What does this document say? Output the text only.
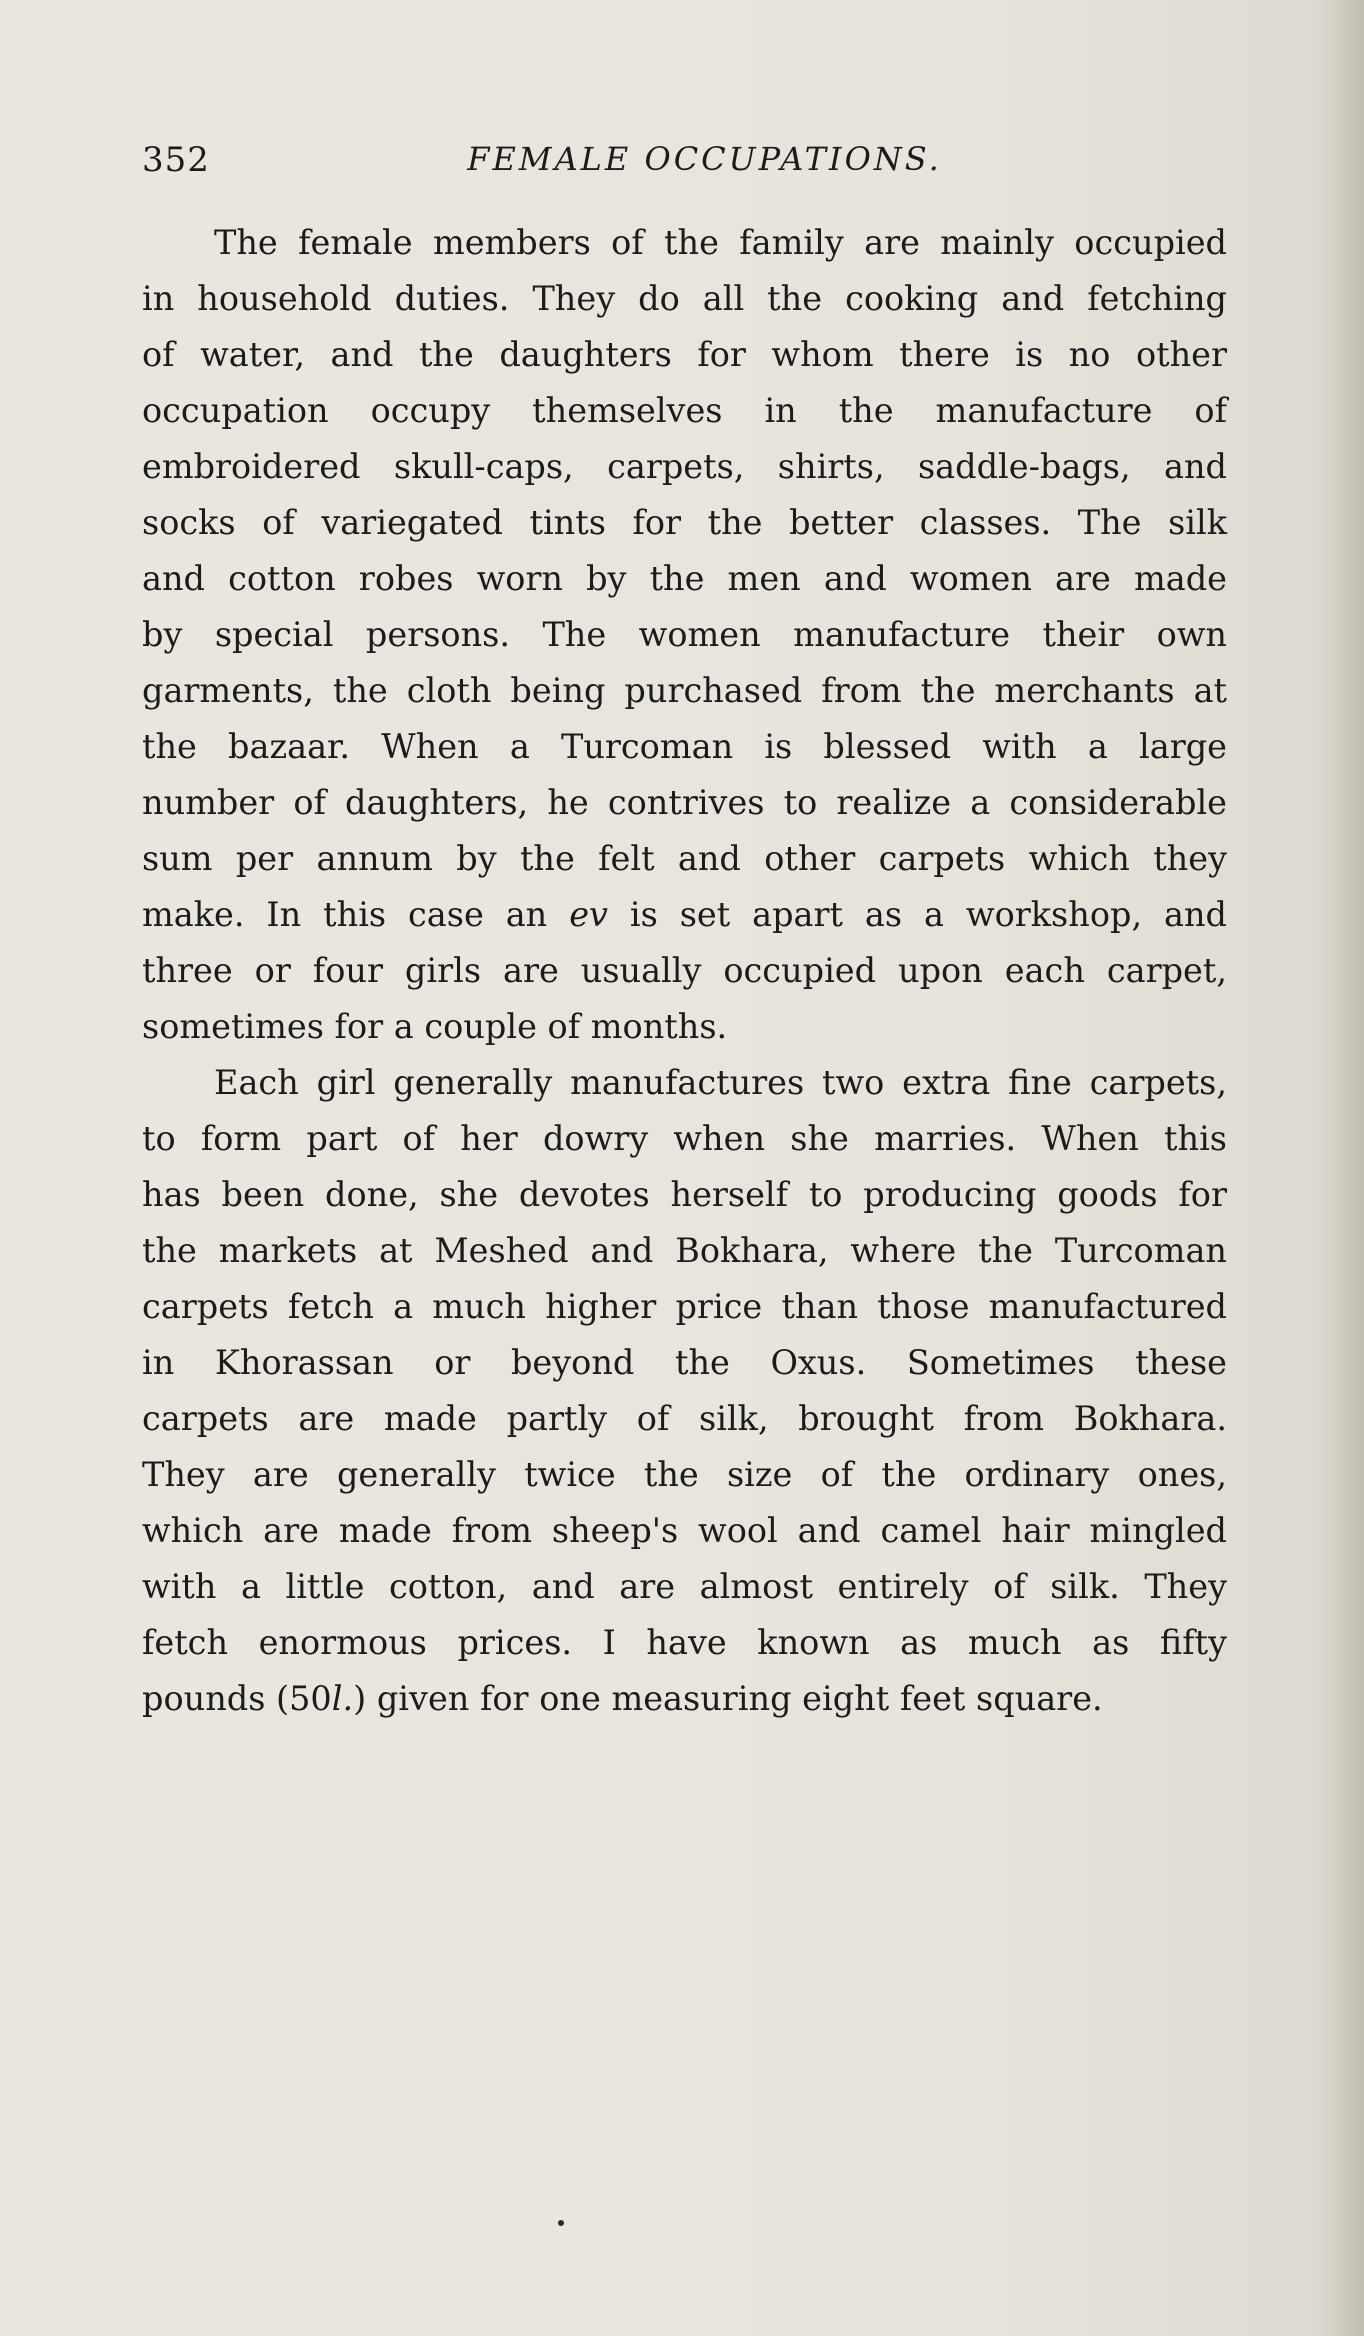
352	FEMALE OCCUPATIONS.
The female members of the family are mainly occupied
in household duties. They do all the cooking and fetching
of water, and the daughters for whom there is no other
occupation occupy themselves in the manufacture of
embroidered skull-caps, carpets, shirts, saddle-bags, and
socks of variegated tints for the better classes. The silk
and cotton robes worn by the men and women are made
by special persons. The women manufacture their own
garments, the cloth being purchased from the merchants at
the bazaar. When a Turcoman is blessed with a large
number of daughters, he contrives to realize a considerable
sum per annum by the felt and other carpets which they
make. In this case an ev is set apart as a workshop, and
three or four girls are usually occupied upon each carpet,
sometimes for a couple of months.
Each girl generally manufactures two extra fine carpets,
to form part of her dowry when she marries. When this
has been done, she devotes herself to producing goods for
the markets at Meshed and Bokhara, where the Turcoman
carpets fetch a much higher price than those manufactured
in Khorassan or beyond the Oxus. Sometimes these
carpets are made partly of silk, brought from Bokhara.
They are generally twice the size of the ordinary ones,
which are made from sheep's wool and camel hair mingled
with a little cotton, and are almost entirely of silk. They
fetch enormous prices. I have known as much as fifty
pounds (50l.) given for one measuring eight feet square.
